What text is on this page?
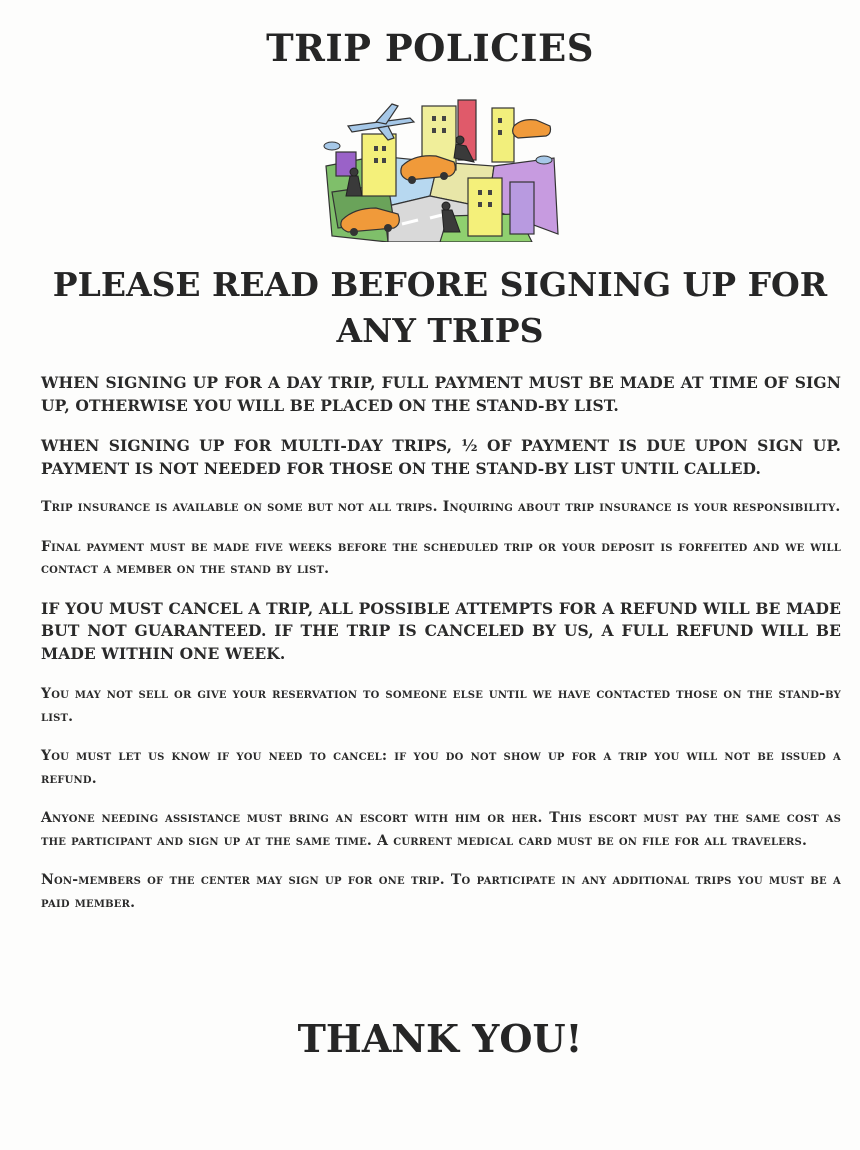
TRIP POLICIES
PLEASE READ BEFORE SIGNING UP FOR ANY TRIPS

WHEN SIGNING UP FOR A DAY TRIP, FULL PAYMENT MUST BE MADE AT TIME OF SIGN UP, OTHERWISE YOU WILL BE PLACED ON THE STAND-BY LIST.

WHEN SIGNING UP FOR MULTI-DAY TRIPS, ½ OF PAYMENT IS DUE UPON SIGN UP. PAYMENT IS NOT NEEDED FOR THOSE ON THE STAND-BY LIST UNTIL CALLED.

Trip insurance is available on some but not all trips. Inquiring about trip insurance is your responsibility.

Final payment must be made five weeks before the scheduled trip or your deposit is forfeited and we will contact a member on the stand by list.

IF YOU MUST CANCEL A TRIP, ALL POSSIBLE ATTEMPTS FOR A REFUND WILL BE MADE BUT NOT GUARANTEED. IF THE TRIP IS CANCELED BY US, A FULL REFUND WILL BE MADE WITHIN ONE WEEK.

You may not sell or give your reservation to someone else until we have contacted those on the stand-by list.

You must let us know if you need to cancel: if you do not show up for a trip you will not be issued a refund.

Anyone needing assistance must bring an escort with him or her. This escort must pay the same cost as the participant and sign up at the same time. A current medical card must be on file for all travelers.

Non-members of the center may sign up for one trip. To participate in any additional trips you must be a paid member.

THANK YOU!
